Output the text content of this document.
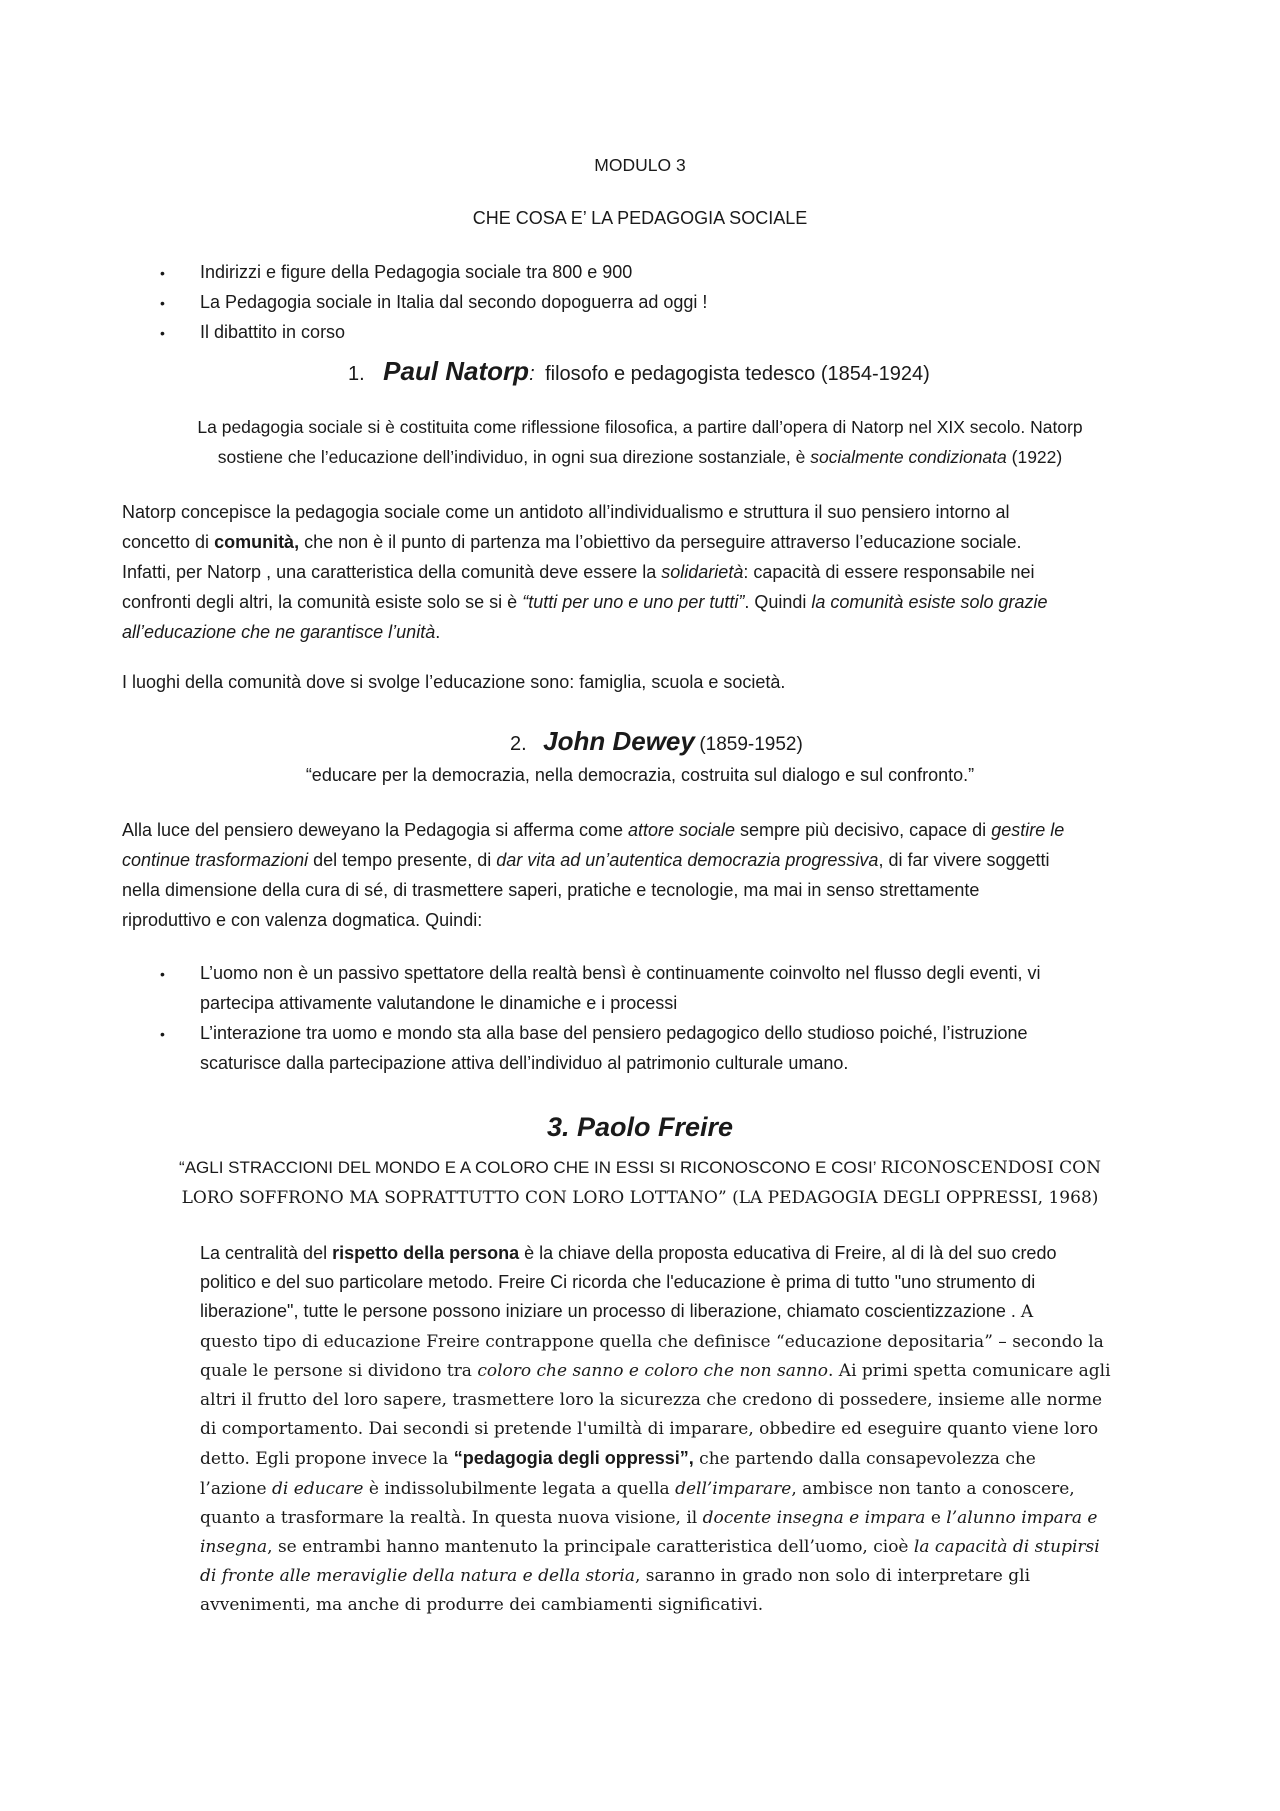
MODULO 3

CHE COSA E’ LA PEDAGOGIA SOCIALE

• Indirizzi e figure della Pedagogia sociale tra 800 e 900

• La Pedagogia sociale in Italia dal secondo dopoguerra ad oggi !

• Il dibattito in corso

1. Paul Natorp: filosofo e pedagogista tedesco (1854-1924)

La pedagogia sociale si è costituita come riflessione filosofica, a partire dall’opera di Natorp nel XIX secolo. Natorp

sostiene che l’educazione dell’individuo, in ogni sua direzione sostanziale, è socialmente condizionata (1922)

Natorp concepisce la pedagogia sociale come un antidoto all’individualismo e struttura il suo pensiero intorno al
concetto di comunità, che non è il punto di partenza ma l’obiettivo da perseguire attraverso l’educazione sociale.
Infatti, per Natorp , una caratteristica della comunità deve essere la solidarietà: capacità di essere responsabile nei
confronti degli altri, la comunità esiste solo se si è “tutti per uno e uno per tutti”. Quindi la comunità esiste solo grazie
all’educazione che ne garantisce l’unità.

I luoghi della comunità dove si svolge l’educazione sono: famiglia, scuola e società.

2. John Dewey (1859-1952)

“educare per la democrazia, nella democrazia, costruita sul dialogo e sul confronto.”

Alla luce del pensiero deweyano la Pedagogia si afferma come attore sociale sempre più decisivo, capace di gestire le
continue trasformazioni del tempo presente, di dar vita ad un’autentica democrazia progressiva, di far vivere soggetti
nella dimensione della cura di sé, di trasmettere saperi, pratiche e tecnologie, ma mai in senso strettamente
riproduttivo e con valenza dogmatica. Quindi:
• L’uomo non è un passivo spettatore della realtà bensì è continuamente coinvolto nel flusso degli eventi, vi
partecipa attivamente valutandone le dinamiche e i processi
• L’interazione tra uomo e mondo sta alla base del pensiero pedagogico dello studioso poiché, l’istruzione
scaturisce dalla partecipazione attiva dell’individuo al patrimonio culturale umano.

3. Paolo Freire

“AGLI STRACCIONI DEL MONDO E A COLORO CHE IN ESSI SI RICONOSCONO E COSI’ RICONOSCENDOSI CON

LORO SOFFRONO MA SOPRATTUTTO CON LORO LOTTANO” (LA PEDAGOGIA DEGLI OPPRESSI, 1968)

La centralità del rispetto della persona è la chiave della proposta educativa di Freire, al di là del suo credo
politico e del suo particolare metodo. Freire Ci ricorda che l'educazione è prima di tutto "uno strumento di
liberazione", tutte le persone possono iniziare un processo di liberazione, chiamato coscientizzazione . A
questo tipo di educazione Freire contrappone quella che definisce “educazione depositaria” – secondo la
quale le persone si dividono tra coloro che sanno e coloro che non sanno. Ai primi spetta comunicare agli
altri il frutto del loro sapere, trasmettere loro la sicurezza che credono di possedere, insieme alle norme
di comportamento. Dai secondi si pretende l'umiltà di imparare, obbedire ed eseguire quanto viene loro
detto. Egli propone invece la “pedagogia degli oppressi”, che partendo dalla consapevolezza che
l’azione di educare è indissolubilmente legata a quella dell’imparare, ambisce non tanto a conoscere,
quanto a trasformare la realtà. In questa nuova visione, il docente insegna e impara e l’alunno impara e
insegna, se entrambi hanno mantenuto la principale caratteristica dell’uomo, cioè la capacità di stupirsi
di fronte alle meraviglie della natura e della storia, saranno in grado non solo di interpretare gli
avvenimenti, ma anche di produrre dei cambiamenti significativi.
